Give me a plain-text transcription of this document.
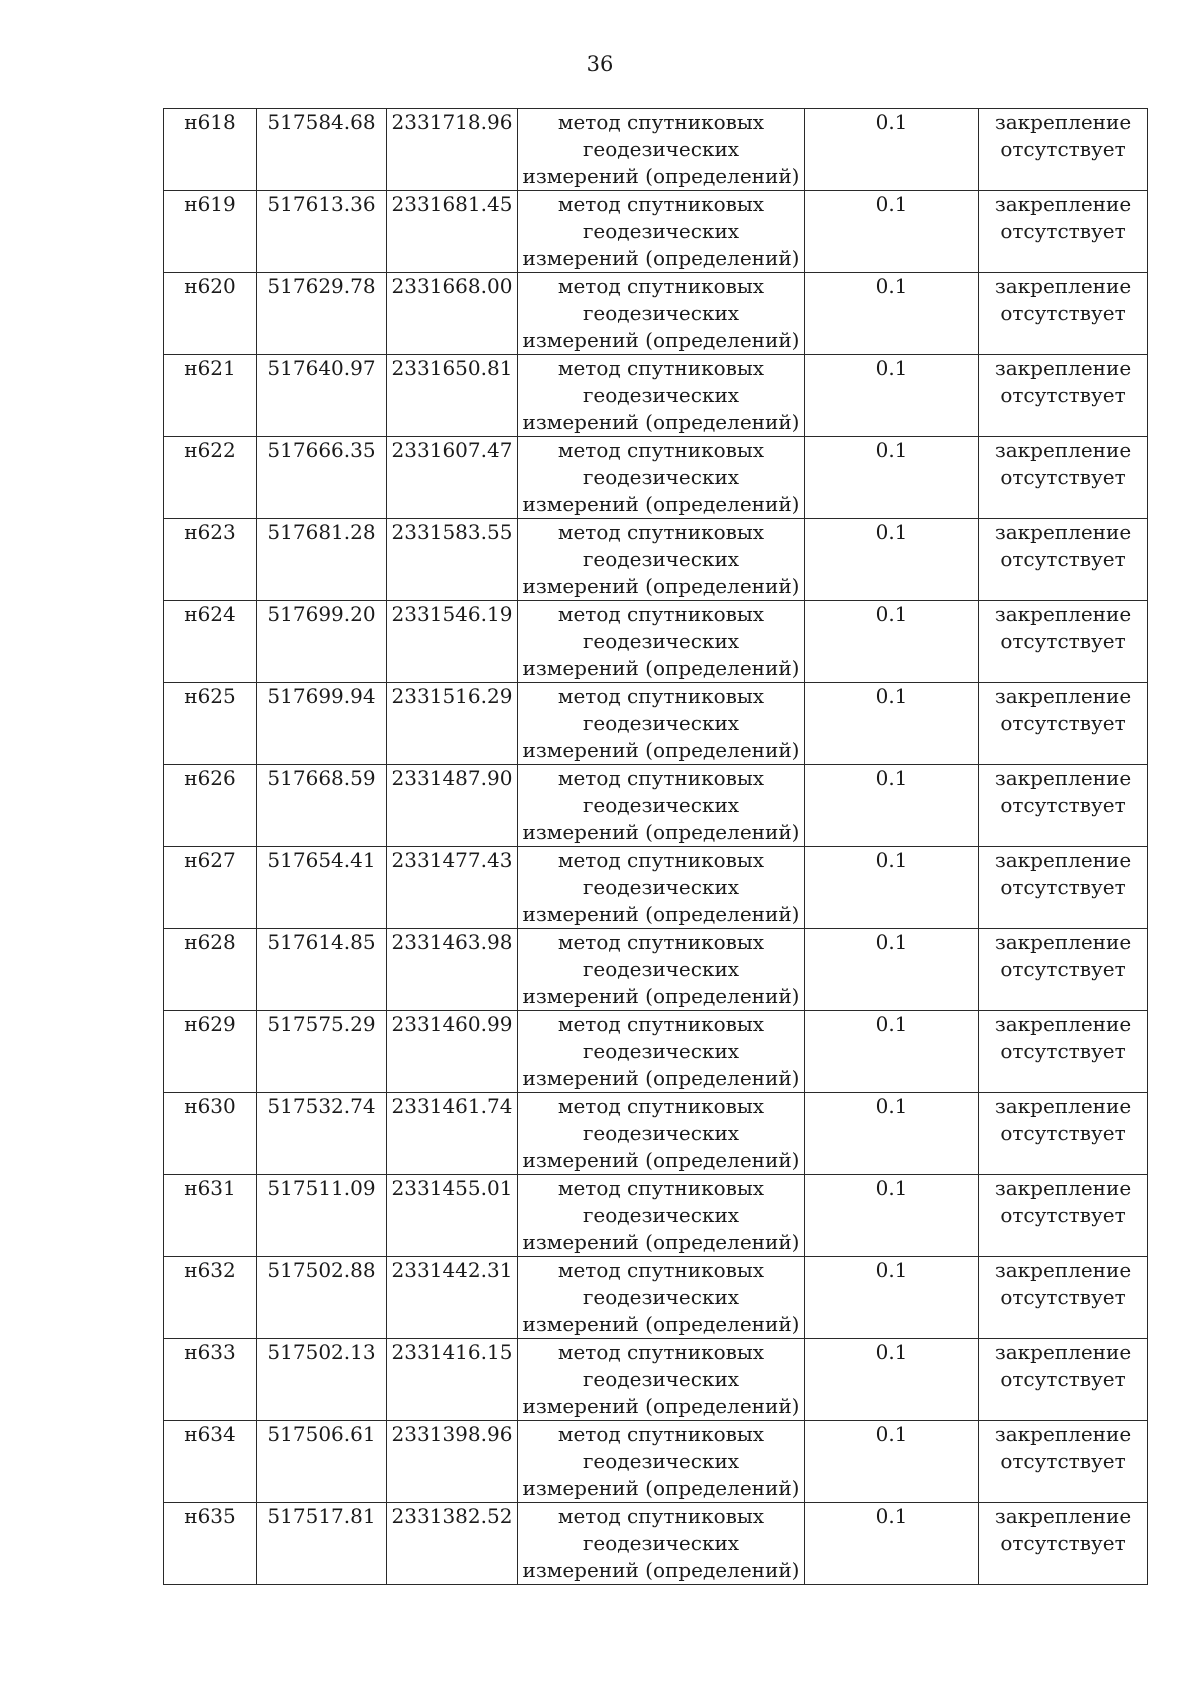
36
н618	517584.68	2331718.96	метод спутниковых геодезических измерений (определений)	0.1	закрепление отсутствует
н619	517613.36	2331681.45	метод спутниковых геодезических измерений (определений)	0.1	закрепление отсутствует
н620	517629.78	2331668.00	метод спутниковых геодезических измерений (определений)	0.1	закрепление отсутствует
н621	517640.97	2331650.81	метод спутниковых геодезических измерений (определений)	0.1	закрепление отсутствует
н622	517666.35	2331607.47	метод спутниковых геодезических измерений (определений)	0.1	закрепление отсутствует
н623	517681.28	2331583.55	метод спутниковых геодезических измерений (определений)	0.1	закрепление отсутствует
н624	517699.20	2331546.19	метод спутниковых геодезических измерений (определений)	0.1	закрепление отсутствует
н625	517699.94	2331516.29	метод спутниковых геодезических измерений (определений)	0.1	закрепление отсутствует
н626	517668.59	2331487.90	метод спутниковых геодезических измерений (определений)	0.1	закрепление отсутствует
н627	517654.41	2331477.43	метод спутниковых геодезических измерений (определений)	0.1	закрепление отсутствует
н628	517614.85	2331463.98	метод спутниковых геодезических измерений (определений)	0.1	закрепление отсутствует
н629	517575.29	2331460.99	метод спутниковых геодезических измерений (определений)	0.1	закрепление отсутствует
н630	517532.74	2331461.74	метод спутниковых геодезических измерений (определений)	0.1	закрепление отсутствует
н631	517511.09	2331455.01	метод спутниковых геодезических измерений (определений)	0.1	закрепление отсутствует
н632	517502.88	2331442.31	метод спутниковых геодезических измерений (определений)	0.1	закрепление отсутствует
н633	517502.13	2331416.15	метод спутниковых геодезических измерений (определений)	0.1	закрепление отсутствует
н634	517506.61	2331398.96	метод спутниковых геодезических измерений (определений)	0.1	закрепление отсутствует
н635	517517.81	2331382.52	метод спутниковых геодезических измерений (определений)	0.1	закрепление отсутствует
